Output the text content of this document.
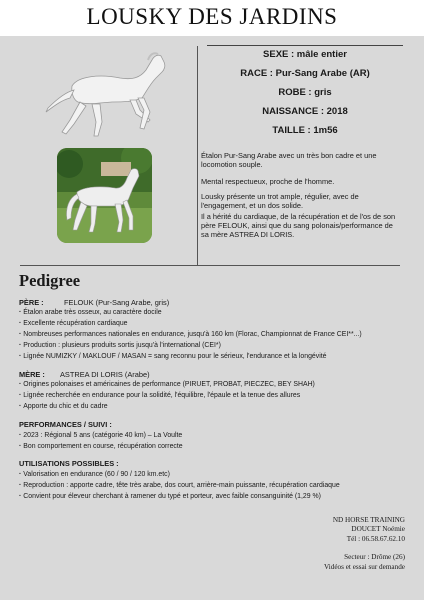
LOUSKY DES JARDINS
SEXE : mâle entier
RACE : Pur-Sang Arabe (AR)
ROBE : gris
NAISSANCE : 2018
TAILLE : 1m56
Étalon Pur-Sang Arabe avec un très bon cadre et une locomotion souple.
Mental respectueux, proche de l'homme.
Lousky présente un trot ample, régulier, avec de l'engagement, et un dos solide.
Il a hérité du cardiaque, de la récupération et de l'os de son père FELOUK, ainsi que du sang polonais/performance de sa mère ASTREA DI LORIS.
Pedigree
PÈRE :	FELOUK (Pur-Sang Arabe, gris)
· Étalon arabe très osseux, au caractère docile
· Excellente récupération cardiaque
· Nombreuses performances nationales en endurance, jusqu'à 160 km (Florac, Championnat de France CEI**...)
· Production : plusieurs produits sortis jusqu'à l'international (CEI*)
· Lignée NUMIZKY / MAKLOUF / MASAN = sang reconnu pour le sérieux, l'endurance et la longévité
MÈRE : ASTREA DI LORIS (Arabe)
· Origines polonaises et américaines de performance (PIRUET, PROBAT, PIECZEC, BEY SHAH)
· Lignée recherchée en endurance pour la solidité, l'équilibre, l'épaule et la tenue des allures
· Apporte du chic et du cadre
PERFORMANCES / SUIVI :
· 2023 : Régional 5 ans (catégorie 40 km) – La Voulte
· Bon comportement en course, récupération correcte
UTILISATIONS POSSIBLES :
· Valorisation en endurance (60 / 90 / 120 km.etc)
· Reproduction : apporte cadre, tête très arabe, dos court, arrière-main puissante, récupération cardiaque
· Convient pour éleveur cherchant à ramener du typé et porteur, avec faible consanguinité (1,29 %)
ND HORSE TRAINING
DOUCET Noémie
Tél : 06.58.67.62.10
Secteur : Drôme (26)
Vidéos et essai sur demande
